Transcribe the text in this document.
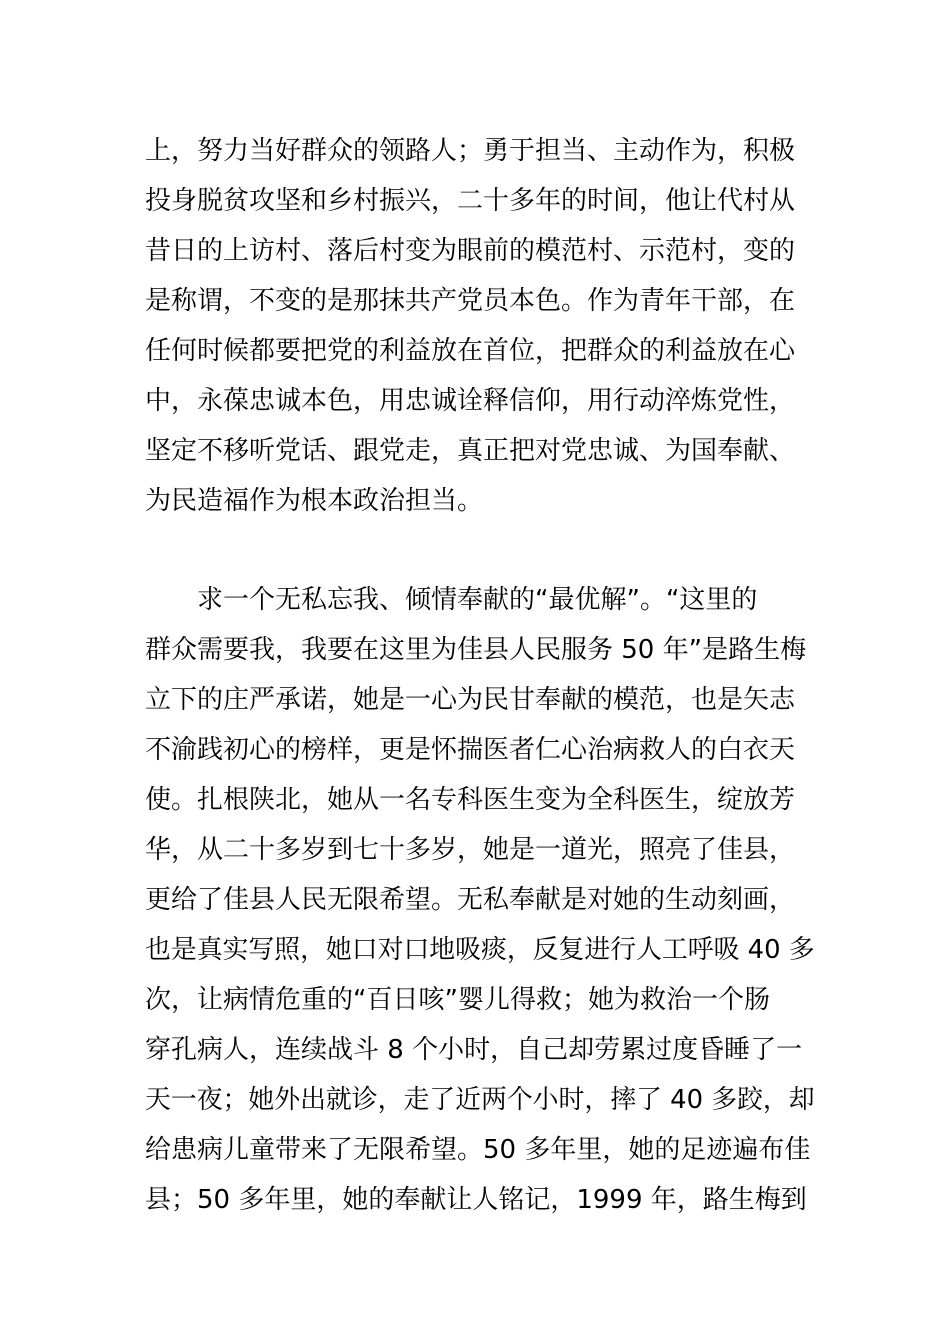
上，努力当好群众的领路人；勇于担当、主动作为，积极
投身脱贫攻坚和乡村振兴，二十多年的时间，他让代村从
昔日的上访村、落后村变为眼前的模范村、示范村，变的
是称谓，不变的是那抹共产党员本色。作为青年干部，在
任何时候都要把党的利益放在首位，把群众的利益放在心
中，永葆忠诚本色，用忠诚诠释信仰，用行动淬炼党性，
坚定不移听党话、跟党走，真正把对党忠诚、为国奉献、
为民造福作为根本政治担当。
求一个无私忘我、倾情奉献的“最优解”。“这里的
群众需要我，我要在这里为佳县人民服务 50 年”是路生梅
立下的庄严承诺，她是一心为民甘奉献的模范，也是矢志
不渝践初心的榜样，更是怀揣医者仁心治病救人的白衣天
使。扎根陕北，她从一名专科医生变为全科医生，绽放芳
华，从二十多岁到七十多岁，她是一道光，照亮了佳县，
更给了佳县人民无限希望。无私奉献是对她的生动刻画，
也是真实写照，她口对口地吸痰，反复进行人工呼吸 40 多
次，让病情危重的“百日咳”婴儿得救；她为救治一个肠
穿孔病人，连续战斗 8 个小时，自己却劳累过度昏睡了一
天一夜；她外出就诊，走了近两个小时，摔了 40 多跤，却
给患病儿童带来了无限希望。50 多年里，她的足迹遍布佳
县；50 多年里，她的奉献让人铭记，1999 年，路生梅到
